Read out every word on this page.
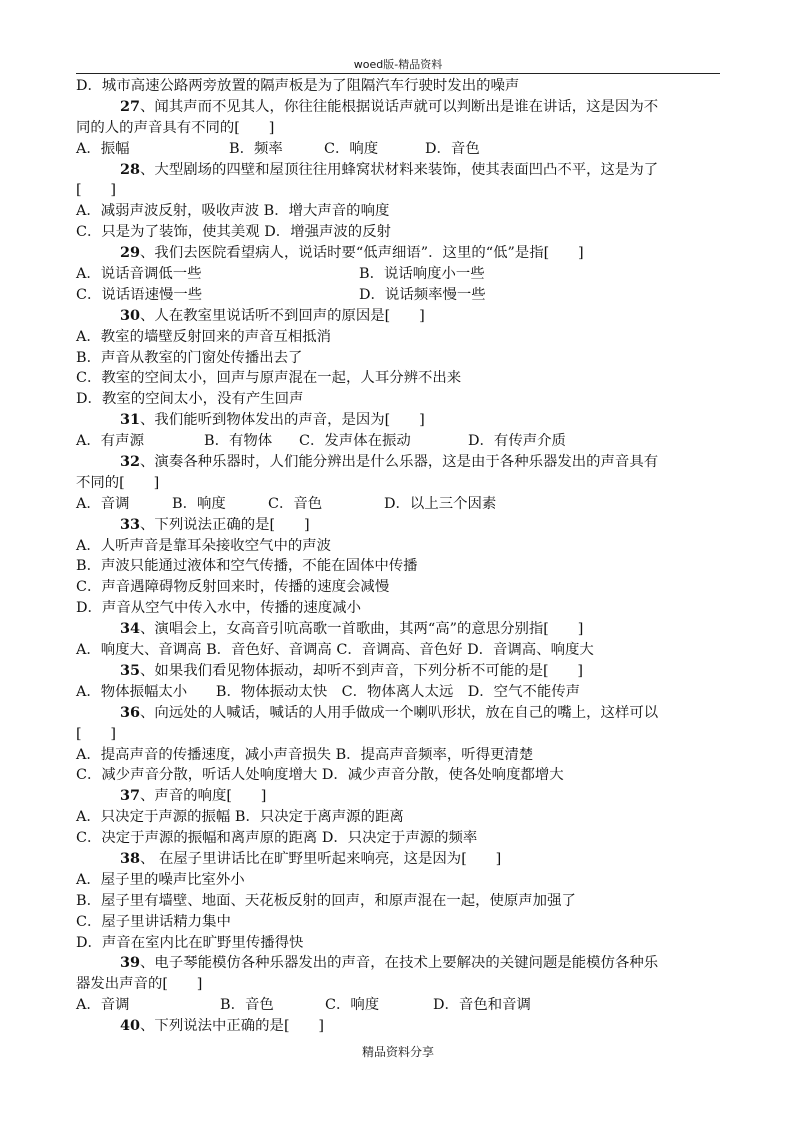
woed版-精品资料
D．城市高速公路两旁放置的隔声板是为了阻隔汽车行驶时发出的噪声
27、闻其声而不见其人，你往往能根据说话声就可以判断出是谁在讲话，这是因为不
同的人的声音具有不同的[　　]
A．振幅	B．频率	C．响度	D．音色
28、大型剧场的四壁和屋顶往往用蜂窝状材料来装饰，使其表面凹凸不平，这是为了
[　　]
A．减弱声波反射，吸收声波 B．增大声音的响度
C．只是为了装饰，使其美观 D．增强声波的反射
29、我们去医院看望病人，说话时要“低声细语”．这里的“低”是指[　　]
A．说话音调低一些	B．说话响度小一些
C．说话语速慢一些	D．说话频率慢一些
30、人在教室里说话听不到回声的原因是[　　]
A．教室的墙壁反射回来的声音互相抵消
B．声音从教室的门窗处传播出去了
C．教室的空间太小，回声与原声混在一起，人耳分辨不出来
D．教室的空间太小，没有产生回声
31、我们能听到物体发出的声音，是因为[　　]
A．有声源	B．有物体	C．发声体在振动	D．有传声介质
32、演奏各种乐器时，人们能分辨出是什么乐器，这是由于各种乐器发出的声音具有
不同的[　　]
A．音调	B．响度	C．音色	D．以上三个因素
33、下列说法正确的是[　　]
A．人听声音是靠耳朵接收空气中的声波
B．声波只能通过液体和空气传播，不能在固体中传播
C．声音遇障碍物反射回来时，传播的速度会减慢
D．声音从空气中传入水中，传播的速度减小
34、演唱会上，女高音引吭高歌一首歌曲，其两“高”的意思分别指[　　]
A．响度大、音调高 B．音色好、音调高 C．音调高、音色好 D．音调高、响度大
35、如果我们看见物体振动，却听不到声音，下列分析不可能的是[　　]
A．物体振幅太小　　B．物体振动太快　C．物体离人太远　D．空气不能传声
36、向远处的人喊话，喊话的人用手做成一个喇叭形状，放在自己的嘴上，这样可以
[　　]
A．提高声音的传播速度，减小声音损失 B．提高声音频率，听得更清楚
C．减少声音分散，听话人处响度增大 D．减少声音分散，使各处响度都增大
37、声音的响度[　　]
A．只决定于声源的振幅 B．只决定于离声源的距离
C．决定于声源的振幅和离声原的距离 D．只决定于声源的频率
38、 在屋子里讲话比在旷野里听起来响亮，这是因为[　　]
A．屋子里的噪声比室外小
B．屋子里有墙壁、地面、天花板反射的回声，和原声混在一起，使原声加强了
C．屋子里讲话精力集中
D．声音在室内比在旷野里传播得快
39、电子琴能模仿各种乐器发出的声音，在技术上要解决的关键问题是能模仿各种乐
器发出声音的[　　]
A．音调	B．音色	C．响度	D．音色和音调
40、下列说法中正确的是[　　]
精品资料分享
